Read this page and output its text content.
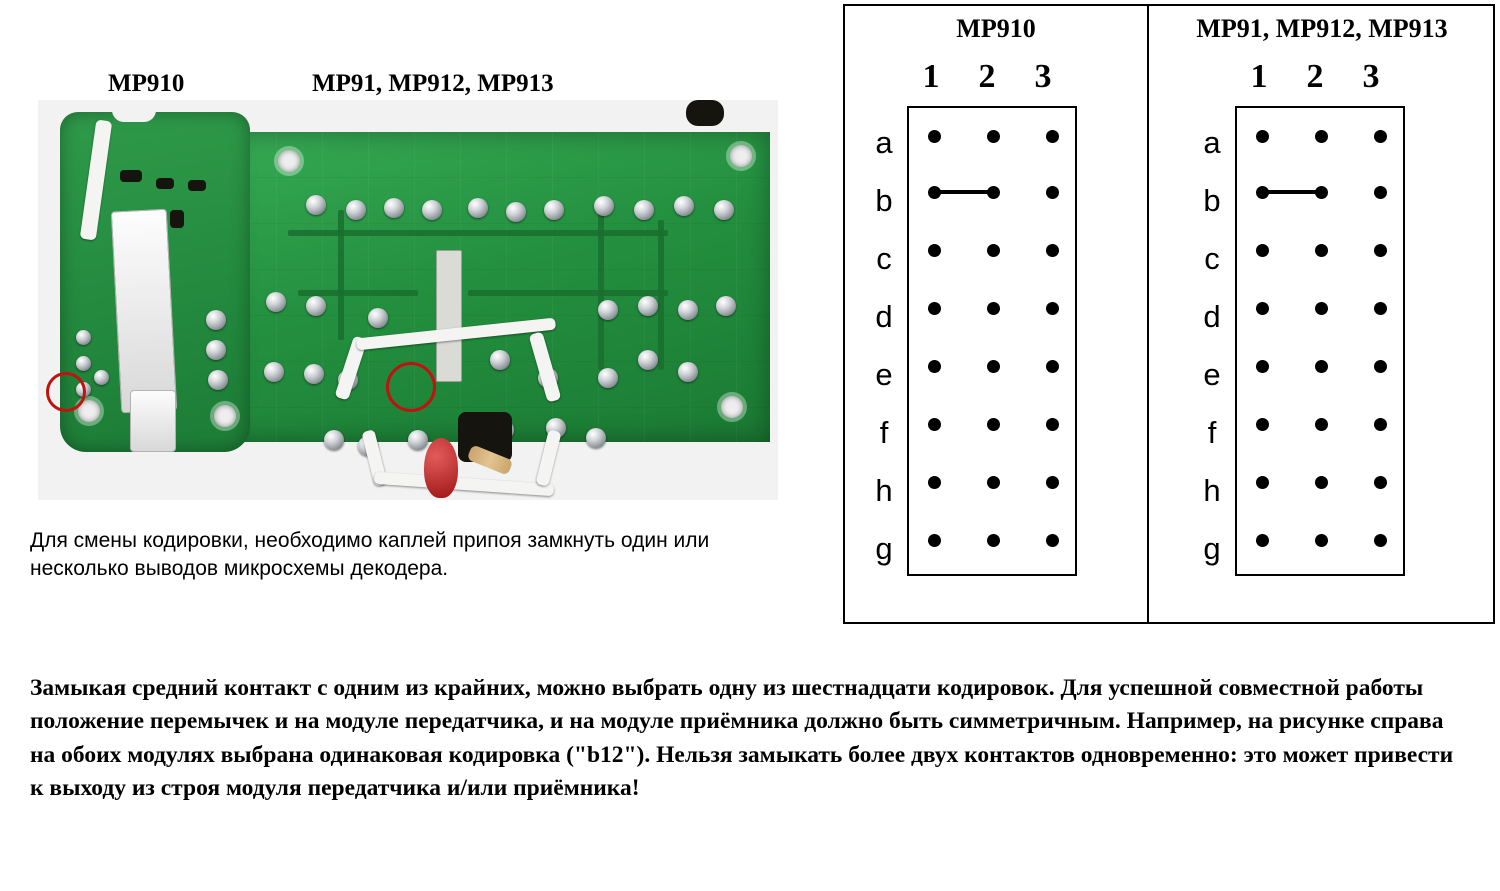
MP910	MP91, MP912, MP913
Для смены кодировки, необходимо каплей припоя замкнуть один или несколько выводов микросхемы декодера.
MP910
1	2	3
a
b
c
d
e
f
h
g
MP91, MP912, MP913
1	2	3
a
b
c
d
e
f
h
g
Замыкая средний контакт с одним из крайних, можно выбрать одну из шестнадцати кодировок. Для успешной совместной работы положение перемычек и на модуле передатчика, и на модуле приёмника должно быть симметричным. Например, на рисунке справа на обоих модулях выбрана одинаковая кодировка ("b12"). Нельзя замыкать более двух контактов одновременно: это может привести к выходу из строя модуля передатчика и/или приёмника!
